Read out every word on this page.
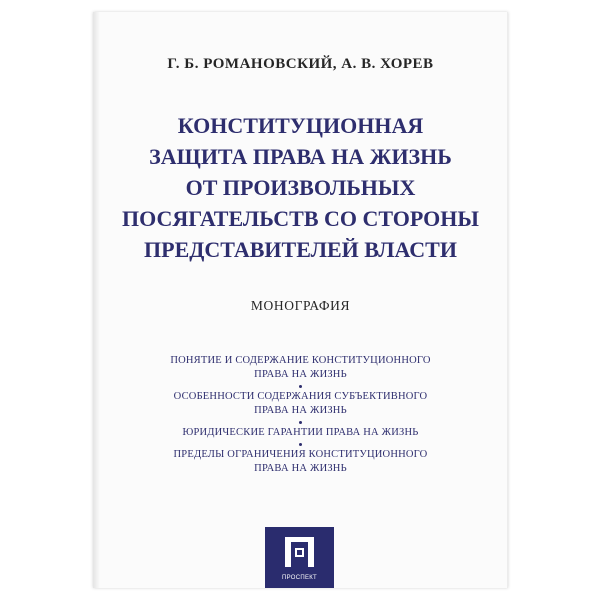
Г. Б. РОМАНОВСКИЙ, А. В. ХОРЕВ
КОНСТИТУЦИОННАЯ
ЗАЩИТА ПРАВА НА ЖИЗНЬ
ОТ ПРОИЗВОЛЬНЫХ
ПОСЯГАТЕЛЬСТВ СО СТОРОНЫ
ПРЕДСТАВИТЕЛЕЙ ВЛАСТИ
МОНОГРАФИЯ
ПОНЯТИЕ И СОДЕРЖАНИЕ КОНСТИТУЦИОННОГО
ПРАВА НА ЖИЗНЬ
ОСОБЕННОСТИ СОДЕРЖАНИЯ СУБЪЕКТИВНОГО
ПРАВА НА ЖИЗНЬ
ЮРИДИЧЕСКИЕ ГАРАНТИИ ПРАВА НА ЖИЗНЬ
ПРЕДЕЛЫ ОГРАНИЧЕНИЯ КОНСТИТУЦИОННОГО
ПРАВА НА ЖИЗНЬ
ПРОСПЕКТ
